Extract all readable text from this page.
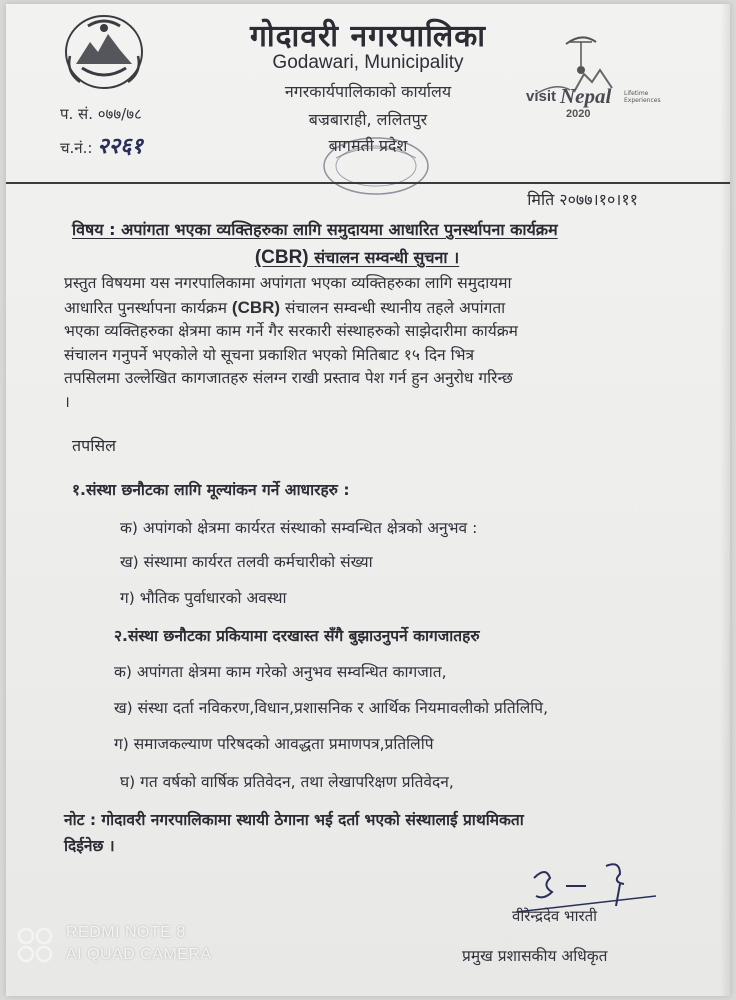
गोदावरी नगरपालिका
Godawari, Municipality
नगरकार्यपालिकाको कार्यालय
बज्रबाराही, ललितपुर
बागमती प्रदेश
visit Nepal Lifetime Experiences
2020
प. सं. ०७७/७८
च.नं.: २२६१
मिति २०७७।१०।११
विषय : अपांगता भएका व्यक्तिहरुका लागि समुदायमा आधारित पुनर्स्थापना कार्यक्रम
(CBR) संचालन सम्वन्धी सुचना ।
प्रस्तुत विषयमा यस नगरपालिकामा अपांगता भएका व्यक्तिहरुका लागि समुदायमा
आधारित पुनर्स्थापना कार्यक्रम (CBR) संचालन सम्वन्धी स्थानीय तहले अपांगता
भएका व्यक्तिहरुका क्षेत्रमा काम गर्ने गैर सरकारी संस्थाहरुको साझेदारीमा कार्यक्रम
संचालन गनुपर्ने भएकोले यो सूचना प्रकाशित भएको मितिबाट १५ दिन भित्र
तपसिलमा उल्लेखित कागजातहरु संलग्न राखी प्रस्ताव पेश गर्न हुन अनुरोध गरिन्छ
।
तपसिल
१.संस्था छनौटका लागि मूल्यांकन गर्ने आधारहरु :
क) अपांगको क्षेत्रमा कार्यरत संस्थाको सम्वन्धित क्षेत्रको अनुभव :
ख) संस्थामा कार्यरत तलवी कर्मचारीको संख्या
ग) भौतिक पुर्वाधारको अवस्था
२.संस्था छनौटका प्रकियामा दरखास्त सँगै बुझाउनुपर्ने कागजातहरु
क) अपांगता क्षेत्रमा काम गरेको अनुभव सम्वन्धित कागजात,
ख) संस्था दर्ता नविकरण,विधान,प्रशासनिक र आर्थिक नियमावलीको प्रतिलिपि,
ग) समाजकल्याण परिषदको आवद्धता प्रमाणपत्र,प्रतिलिपि
घ) गत वर्षको वार्षिक प्रतिवेदन, तथा लेखापरिक्षण प्रतिवेदन,
नोट : गोदावरी नगरपालिकामा स्थायी ठेगाना भई दर्ता भएको संस्थालाई प्राथमिकता
दिईनेछ ।
वीरेन्द्रदेव भारती
प्रमुख प्रशासकीय अधिकृत
REDMI NOTE 8
AI QUAD CAMERA
